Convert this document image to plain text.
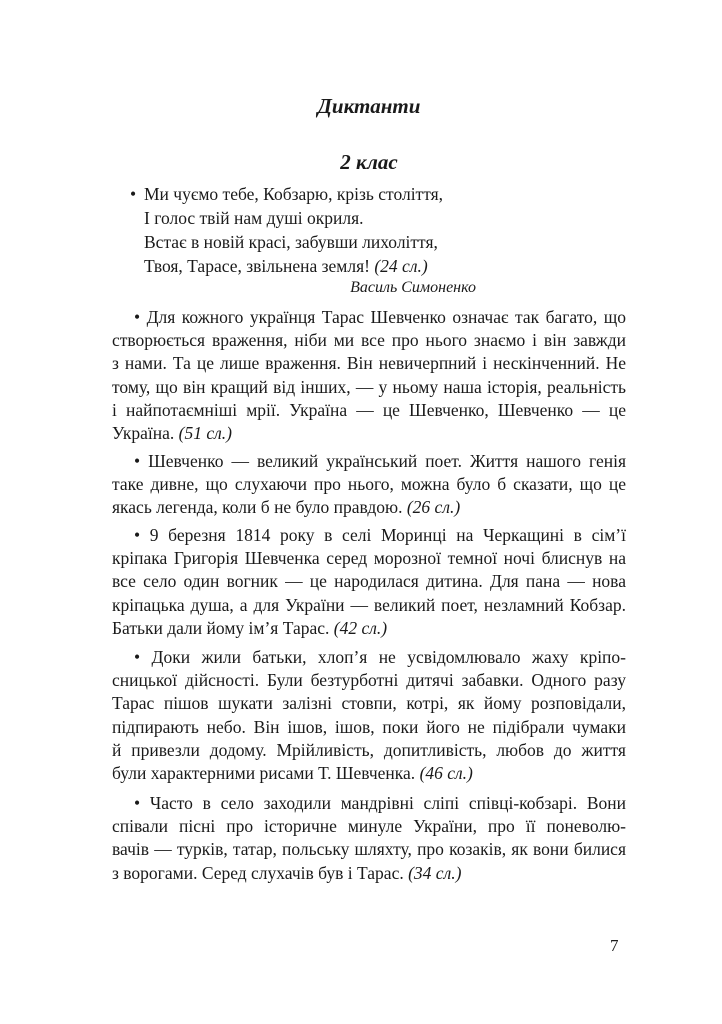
Диктанти
2 клас
• Ми чуємо тебе, Кобзарю, крізь століття,
І голос твій нам душі окриля.
Встає в новій красі, забувши лихоліття,
Твоя, Тарасе, звільнена земля! (24 сл.)
Василь Симоненко
• Для кожного українця Тарас Шевченко означає так багато, що
створюється враження, ніби ми все про нього знаємо і він завжди
з нами. Та це лише враження. Він невичерпний і нескінченний. Не
тому, що він кращий від інших, — у ньому наша історія, реальність
і найпотаємніші мрії. Україна — це Шевченко, Шевченко — це
Україна. (51 сл.)
• Шевченко — великий український поет. Життя нашого генія
таке дивне, що слухаючи про нього, можна було б сказати, що це
якась легенда, коли б не було правдою. (26 сл.)
• 9 березня 1814 року в селі Моринці на Черкащині в сім’ї
кріпака Григорія Шевченка серед морозної темної ночі блиснув на
все село один вогник — це народилася дитина. Для пана — нова
кріпацька душа, а для України — великий поет, незламний Кобзар.
Батьки дали йому ім’я Тарас. (42 сл.)
• Доки жили батьки, хлоп’я не усвідомлювало жаху кріпо-
сницької дійсності. Були безтурботні дитячі забавки. Одного разу
Тарас пішов шукати залізні стовпи, котрі, як йому розповідали,
підпирають небо. Він ішов, ішов, поки його не підібрали чумаки
й привезли додому. Мрійливість, допитливість, любов до життя
були характерними рисами Т. Шевченка. (46 сл.)
• Часто в село заходили мандрівні сліпі співці-кобзарі. Вони
співали пісні про історичне минуле України, про її поневолю-
вачів — турків, татар, польську шляхту, про козаків, як вони билися
з ворогами. Серед слухачів був і Тарас. (34 сл.)
7
